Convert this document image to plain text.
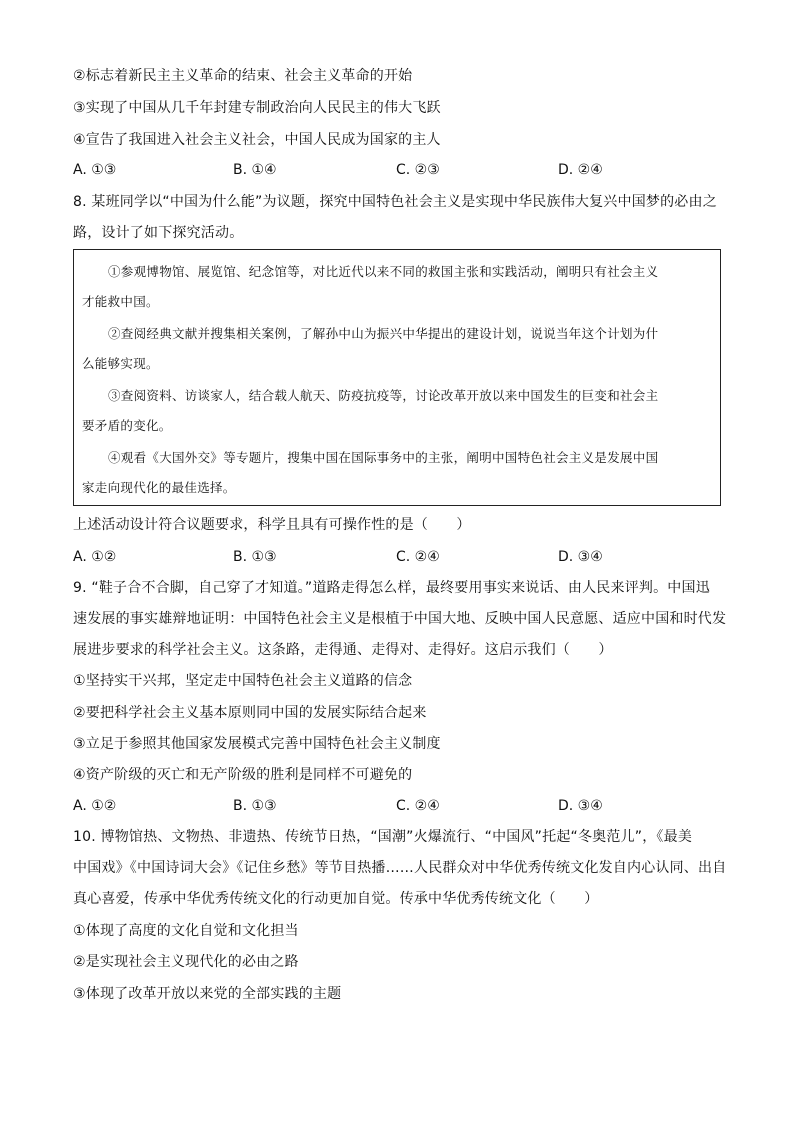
②标志着新民主主义革命的结束、社会主义革命的开始
③实现了中国从几千年封建专制政治向人民民主的伟大飞跃
④宣告了我国进入社会主义社会，中国人民成为国家的主人
A. ①③	B. ①④	C. ②③	D. ②④
8. 某班同学以“中国为什么能”为议题，探究中国特色社会主义是实现中华民族伟大复兴中国梦的必由之
路，设计了如下探究活动。
①参观博物馆、展览馆、纪念馆等，对比近代以来不同的救国主张和实践活动，阐明只有社会主义
才能救中国。
②查阅经典文献并搜集相关案例，了解孙中山为振兴中华提出的建设计划，说说当年这个计划为什
么能够实现。
③查阅资料、访谈家人，结合载人航天、防疫抗疫等，讨论改革开放以来中国发生的巨变和社会主
要矛盾的变化。
④观看《大国外交》等专题片，搜集中国在国际事务中的主张，阐明中国特色社会主义是发展中国
家走向现代化的最佳选择。
上述活动设计符合议题要求，科学且具有可操作性的是（　　）
A. ①②	B. ①③	C. ②④	D. ③④
9. “鞋子合不合脚，自己穿了才知道。”道路走得怎么样，最终要用事实来说话、由人民来评判。中国迅
速发展的事实雄辩地证明：中国特色社会主义是根植于中国大地、反映中国人民意愿、适应中国和时代发
展进步要求的科学社会主义。这条路，走得通、走得对、走得好。这启示我们（　　）
①坚持实干兴邦，坚定走中国特色社会主义道路的信念
②要把科学社会主义基本原则同中国的发展实际结合起来
③立足于参照其他国家发展模式完善中国特色社会主义制度
④资产阶级的灭亡和无产阶级的胜利是同样不可避免的
A. ①②	B. ①③	C. ②④	D. ③④
10. 博物馆热、文物热、非遗热、传统节日热，“国潮”火爆流行、“中国风”托起“冬奥范儿”，《最美
中国戏》《中国诗词大会》《记住乡愁》等节目热播……人民群众对中华优秀传统文化发自内心认同、出自
真心喜爱，传承中华优秀传统文化的行动更加自觉。传承中华优秀传统文化（　　）
①体现了高度的文化自觉和文化担当
②是实现社会主义现代化的必由之路
③体现了改革开放以来党的全部实践的主题
